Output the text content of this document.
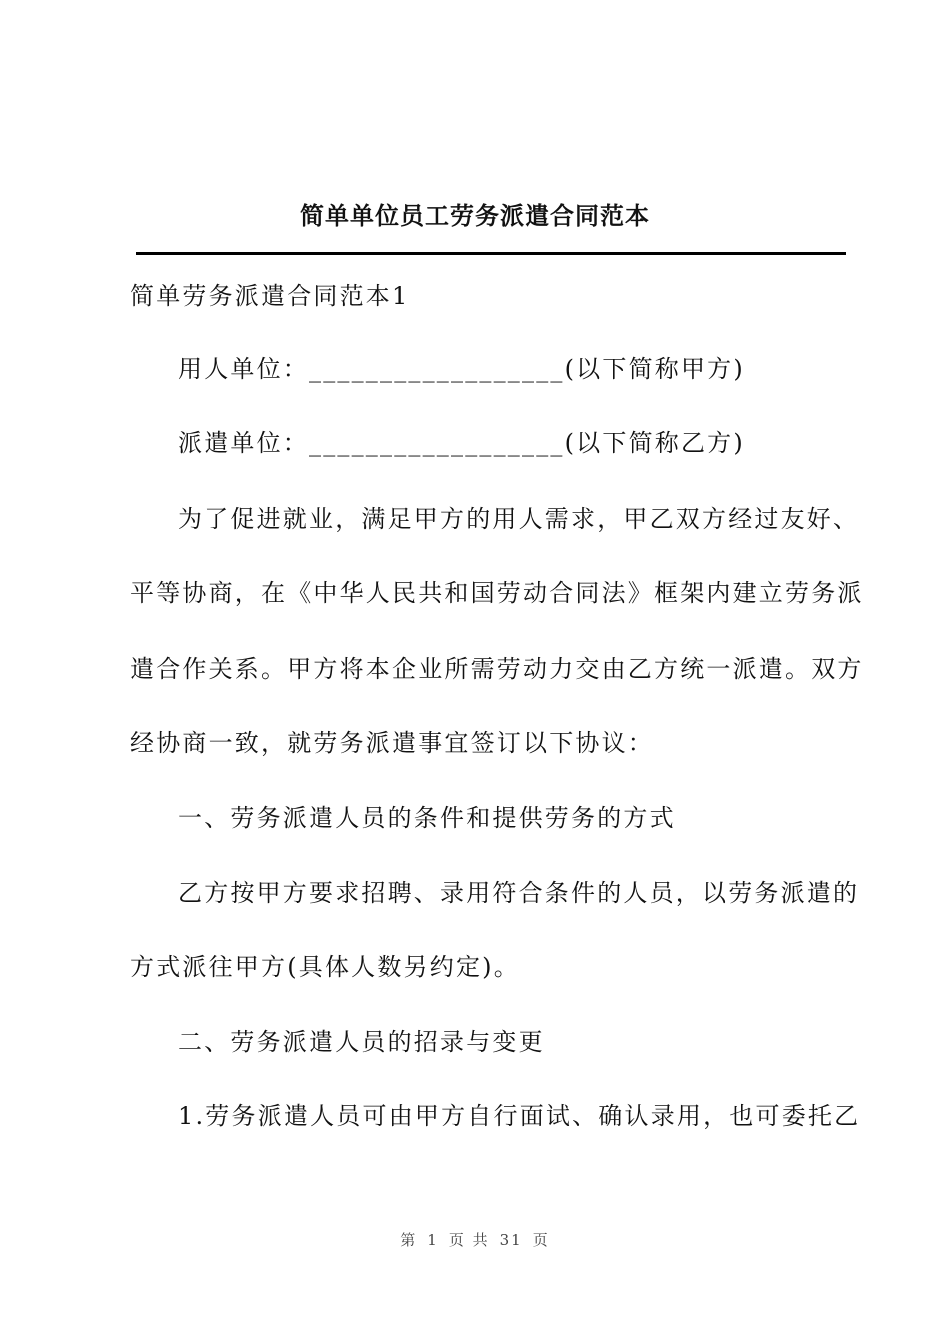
简单单位员工劳务派遣合同范本
简单劳务派遣合同范本1
用人单位：__________________(以下简称甲方)
派遣单位：__________________(以下简称乙方)
为了促进就业，满足甲方的用人需求，甲乙双方经过友好、
平等协商，在《中华人民共和国劳动合同法》框架内建立劳务派
遣合作关系。甲方将本企业所需劳动力交由乙方统一派遣。双方
经协商一致，就劳务派遣事宜签订以下协议：
一、劳务派遣人员的条件和提供劳务的方式
乙方按甲方要求招聘、录用符合条件的人员，以劳务派遣的
方式派往甲方(具体人数另约定)。
二、劳务派遣人员的招录与变更
1.劳务派遣人员可由甲方自行面试、确认录用，也可委托乙
第 1 页 共 31 页
